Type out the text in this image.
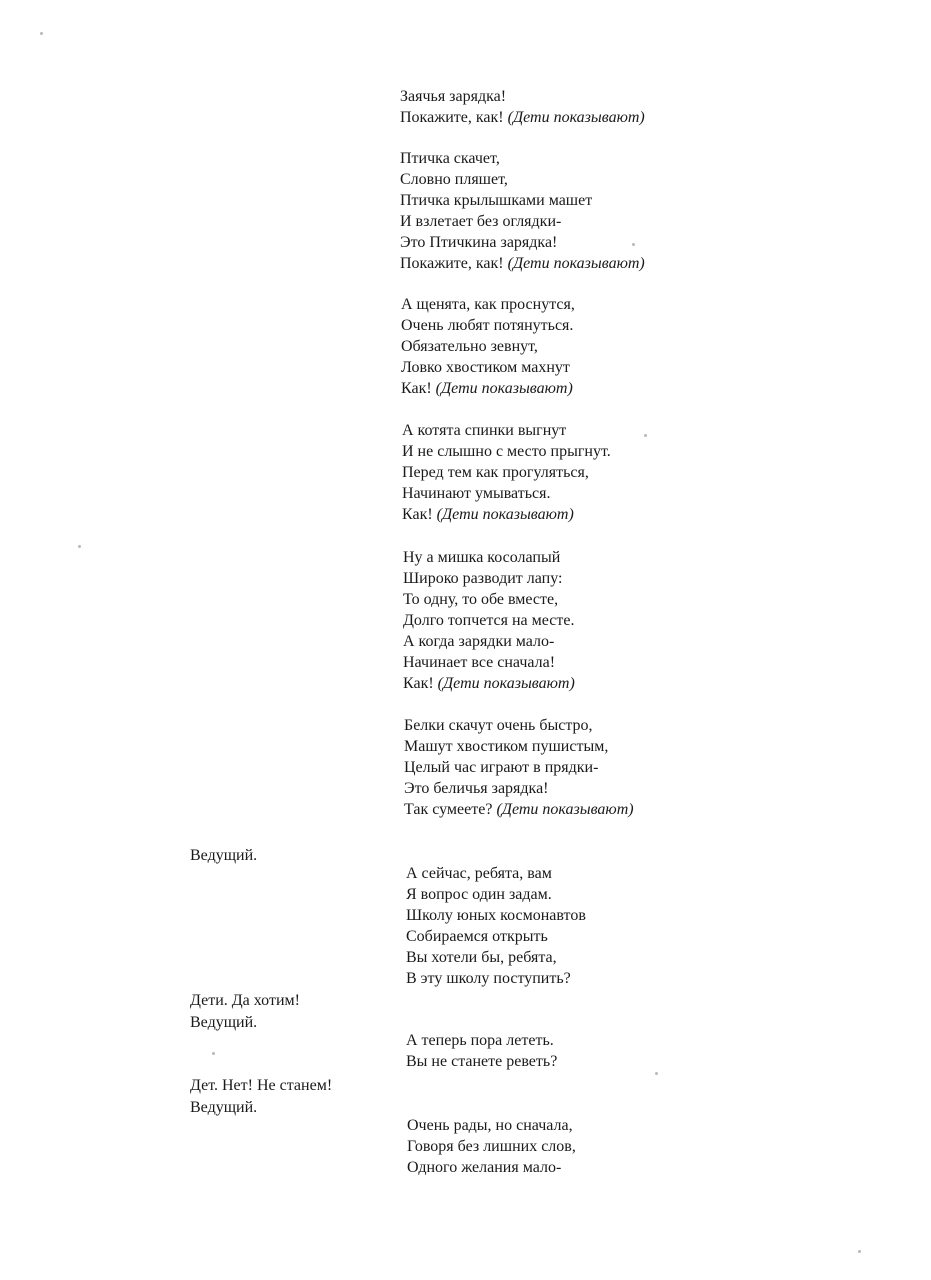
Заячья зарядка!
Покажите, как! (Дети показывают)
Птичка скачет,
Словно пляшет,
Птичка крылышками машет
И взлетает без оглядки-
Это Птичкина зарядка!
Покажите, как! (Дети показывают)
А щенята, как проснутся,
Очень любят потянуться.
Обязательно зевнут,
Ловко хвостиком махнут
Как! (Дети показывают)
А котята спинки выгнут
И не слышно с место прыгнут.
Перед тем как прогуляться,
Начинают умываться.
Как! (Дети показывают)
Ну а мишка косолапый
Широко разводит лапу:
То одну, то обе вместе,
Долго топчется на месте.
А когда зарядки мало-
Начинает все сначала!
Как! (Дети показывают)
Белки скачут очень быстро,
Машут хвостиком пушистым,
Целый час играют в прядки-
Это беличья зарядка!
Так сумеете? (Дети показывают)
Ведущий.
А сейчас, ребята, вам
Я вопрос один задам.
Школу юных космонавтов
Собираемся открыть
Вы хотели бы, ребята,
В эту школу поступить?
Дети. Да хотим!
Ведущий.
А теперь пора лететь.
Вы не станете реветь?
Дет. Нет! Не станем!
Ведущий.
Очень рады, но сначала,
Говоря без лишних слов,
Одного желания мало-
